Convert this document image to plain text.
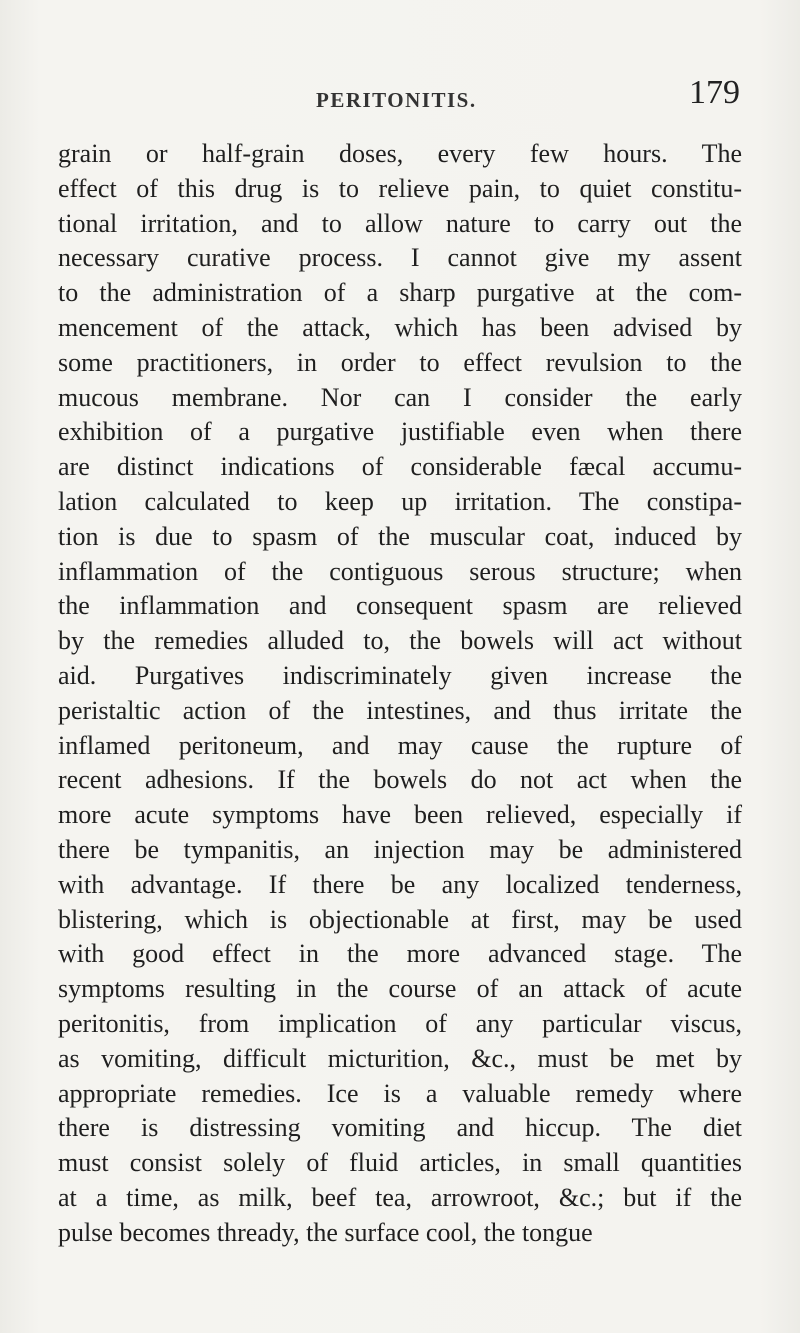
PERITONITIS.	179
grain or half-grain doses, every few hours. The
effect of this drug is to relieve pain, to quiet constitu-
tional irritation, and to allow nature to carry out the
necessary curative process. I cannot give my assent
to the administration of a sharp purgative at the com-
mencement of the attack, which has been advised by
some practitioners, in order to effect revulsion to the
mucous membrane. Nor can I consider the early
exhibition of a purgative justifiable even when there
are distinct indications of considerable fæcal accumu-
lation calculated to keep up irritation. The constipa-
tion is due to spasm of the muscular coat, induced by
inflammation of the contiguous serous structure; when
the inflammation and consequent spasm are relieved
by the remedies alluded to, the bowels will act without
aid. Purgatives indiscriminately given increase the
peristaltic action of the intestines, and thus irritate the
inflamed peritoneum, and may cause the rupture of
recent adhesions. If the bowels do not act when the
more acute symptoms have been relieved, especially if
there be tympanitis, an injection may be administered
with advantage. If there be any localized tenderness,
blistering, which is objectionable at first, may be used
with good effect in the more advanced stage. The
symptoms resulting in the course of an attack of acute
peritonitis, from implication of any particular viscus,
as vomiting, difficult micturition, &c., must be met by
appropriate remedies. Ice is a valuable remedy where
there is distressing vomiting and hiccup. The diet
must consist solely of fluid articles, in small quantities
at a time, as milk, beef tea, arrowroot, &c.; but if the
pulse becomes thready, the surface cool, the tongue
